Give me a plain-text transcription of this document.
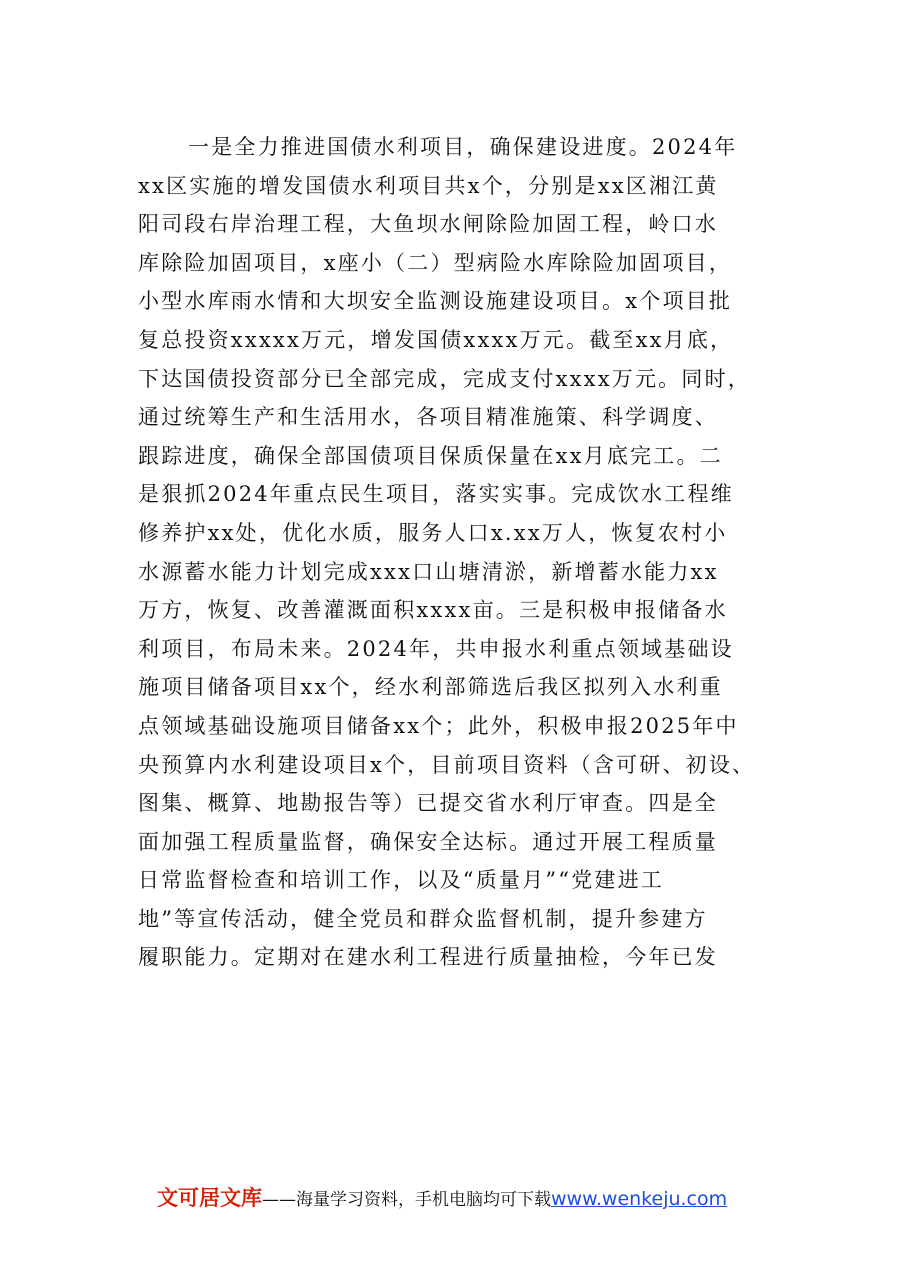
一是全力推进国债水利项目，确保建设进度。2024年
xx区实施的增发国债水利项目共x个，分别是xx区湘江黄
阳司段右岸治理工程，大鱼坝水闸除险加固工程，岭口水
库除险加固项目，x座小（二）型病险水库除险加固项目，
小型水库雨水情和大坝安全监测设施建设项目。x个项目批
复总投资xxxxx万元，增发国债xxxx万元。截至xx月底，
下达国债投资部分已全部完成，完成支付xxxx万元。同时，
通过统筹生产和生活用水，各项目精准施策、科学调度、
跟踪进度，确保全部国债项目保质保量在xx月底完工。二
是狠抓2024年重点民生项目，落实实事。完成饮水工程维
修养护xx处，优化水质，服务人口x.xx万人，恢复农村小
水源蓄水能力计划完成xxx口山塘清淤，新增蓄水能力xx
万方，恢复、改善灌溉面积xxxx亩。三是积极申报储备水
利项目，布局未来。2024年，共申报水利重点领域基础设
施项目储备项目xx个，经水利部筛选后我区拟列入水利重
点领域基础设施项目储备xx个；此外，积极申报2025年中
央预算内水利建设项目x个，目前项目资料（含可研、初设、
图集、概算、地勘报告等）已提交省水利厅审查。四是全
面加强工程质量监督，确保安全达标。通过开展工程质量
日常监督检查和培训工作，以及“质量月”“党建进工
地”等宣传活动，健全党员和群众监督机制，提升参建方
履职能力。定期对在建水利工程进行质量抽检，今年已发
文可居文库——海量学习资料，手机电脑均可下载www.wenkeju.com
